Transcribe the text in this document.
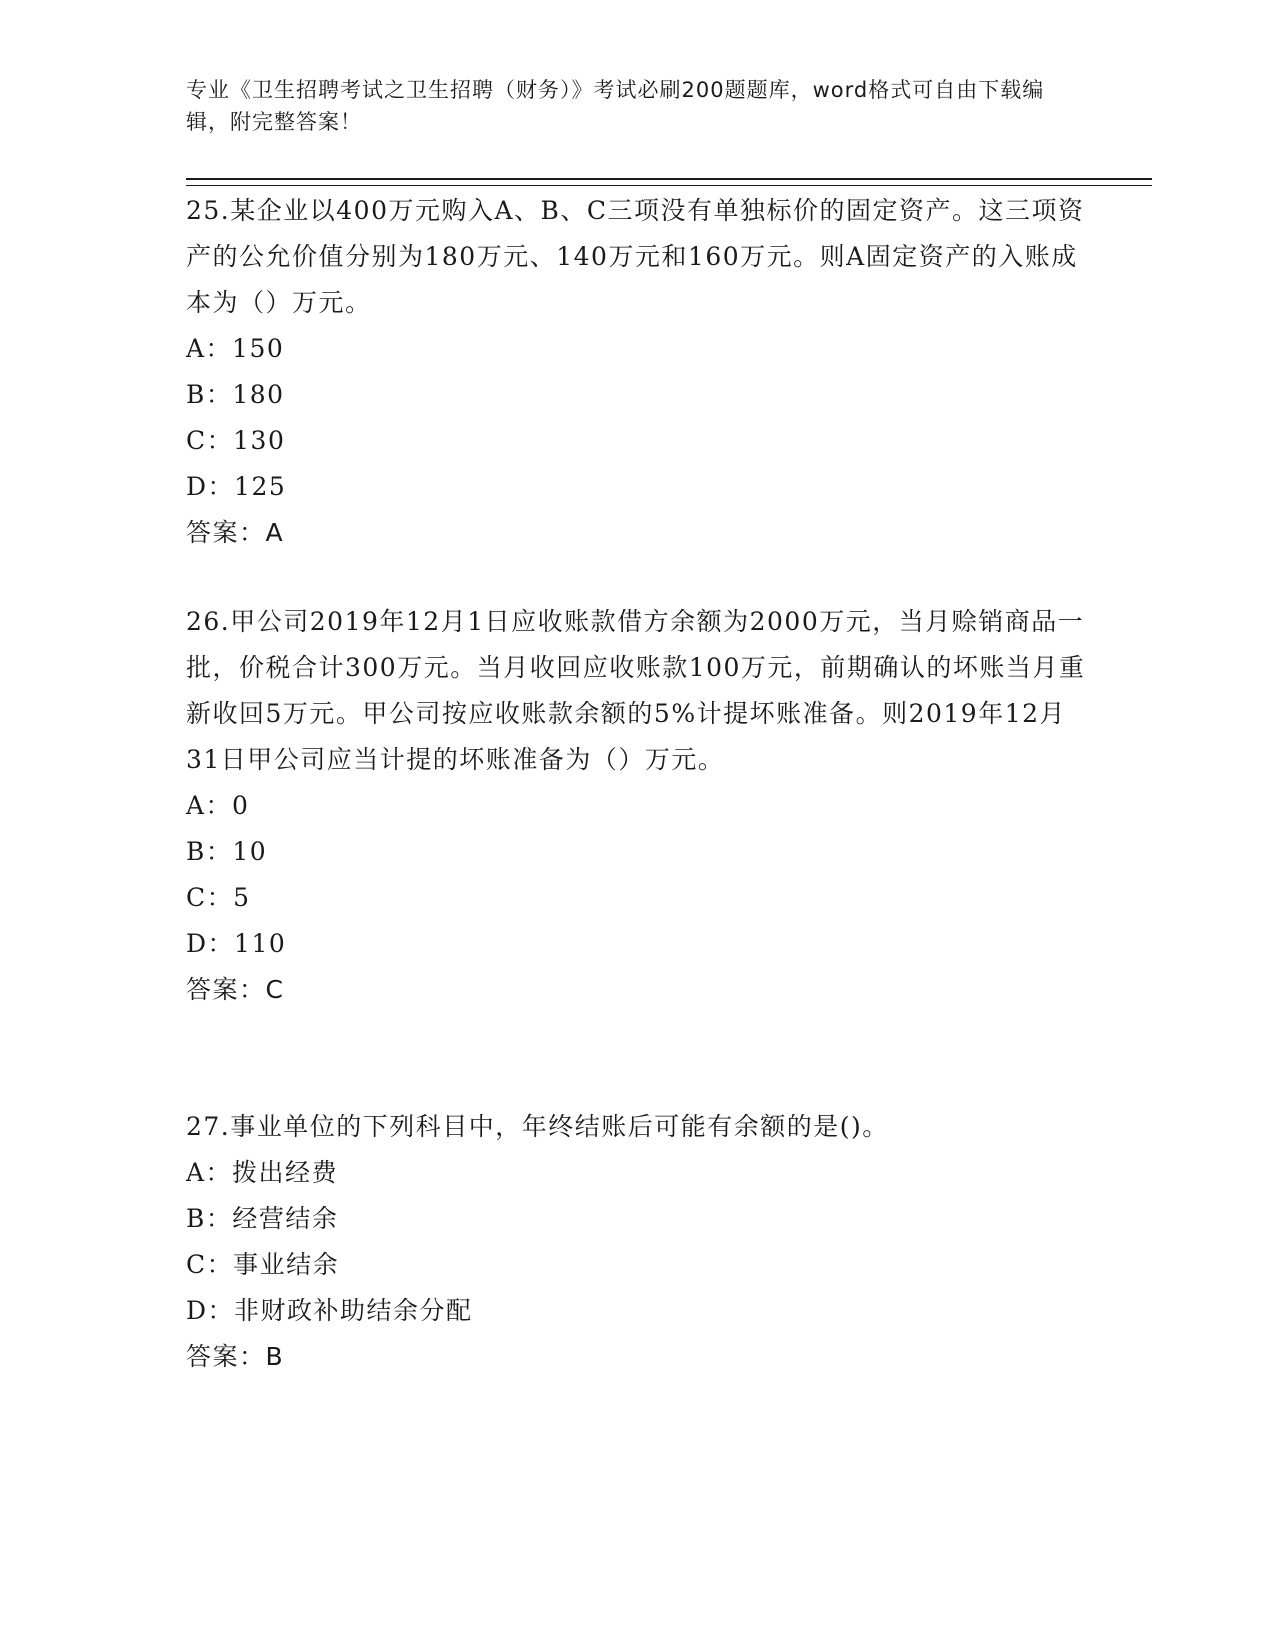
专业《卫生招聘考试之卫生招聘（财务）》考试必刷200题题库，word格式可自由下载编辑，附完整答案！

25.某企业以400万元购入A、B、C三项没有单独标价的固定资产。这三项资产的公允价值分别为180万元、140万元和160万元。则A固定资产的入账成本为（）万元。

A：150

B：180

C：130

D：125

答案：A

26.甲公司2019年12月1日应收账款借方余额为2000万元，当月赊销商品一批，价税合计300万元。当月收回应收账款100万元，前期确认的坏账当月重新收回5万元。甲公司按应收账款余额的5%计提坏账准备。则2019年12月31日甲公司应当计提的坏账准备为（）万元。

A：0

B：10

C：5

D：110

答案：C

27.事业单位的下列科目中，年终结账后可能有余额的是()。

A：拨出经费

B：经营结余

C：事业结余

D：非财政补助结余分配

答案：B
